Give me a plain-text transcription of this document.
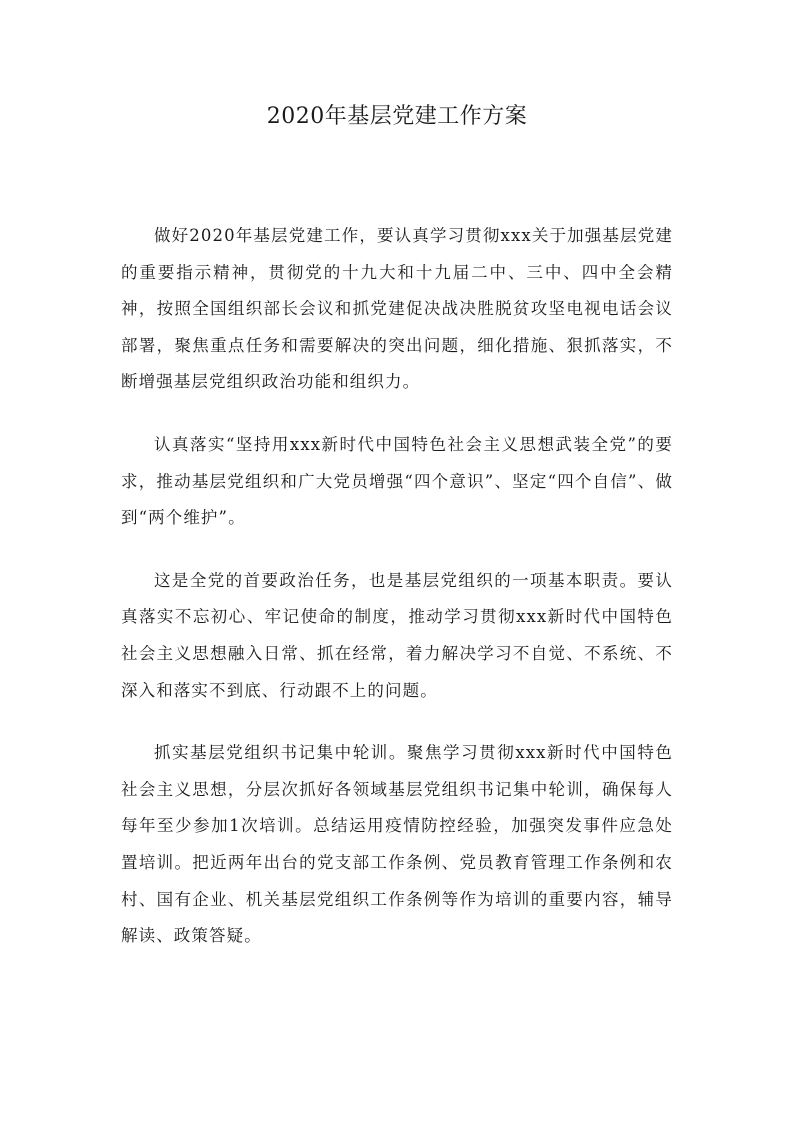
2020年基层党建工作方案

做好2020年基层党建工作，要认真学习贯彻xxx关于加强基层党建的重要指示精神，贯彻党的十九大和十九届二中、三中、四中全会精神，按照全国组织部长会议和抓党建促决战决胜脱贫攻坚电视电话会议部署，聚焦重点任务和需要解决的突出问题，细化措施、狠抓落实，不断增强基层党组织政治功能和组织力。

认真落实“坚持用xxx新时代中国特色社会主义思想武装全党”的要求，推动基层党组织和广大党员增强“四个意识”、坚定“四个自信”、做到“两个维护”。

这是全党的首要政治任务，也是基层党组织的一项基本职责。要认真落实不忘初心、牢记使命的制度，推动学习贯彻xxx新时代中国特色社会主义思想融入日常、抓在经常，着力解决学习不自觉、不系统、不深入和落实不到底、行动跟不上的问题。

抓实基层党组织书记集中轮训。聚焦学习贯彻xxx新时代中国特色社会主义思想，分层次抓好各领域基层党组织书记集中轮训，确保每人每年至少参加1次培训。总结运用疫情防控经验，加强突发事件应急处置培训。把近两年出台的党支部工作条例、党员教育管理工作条例和农村、国有企业、机关基层党组织工作条例等作为培训的重要内容，辅导解读、政策答疑。
